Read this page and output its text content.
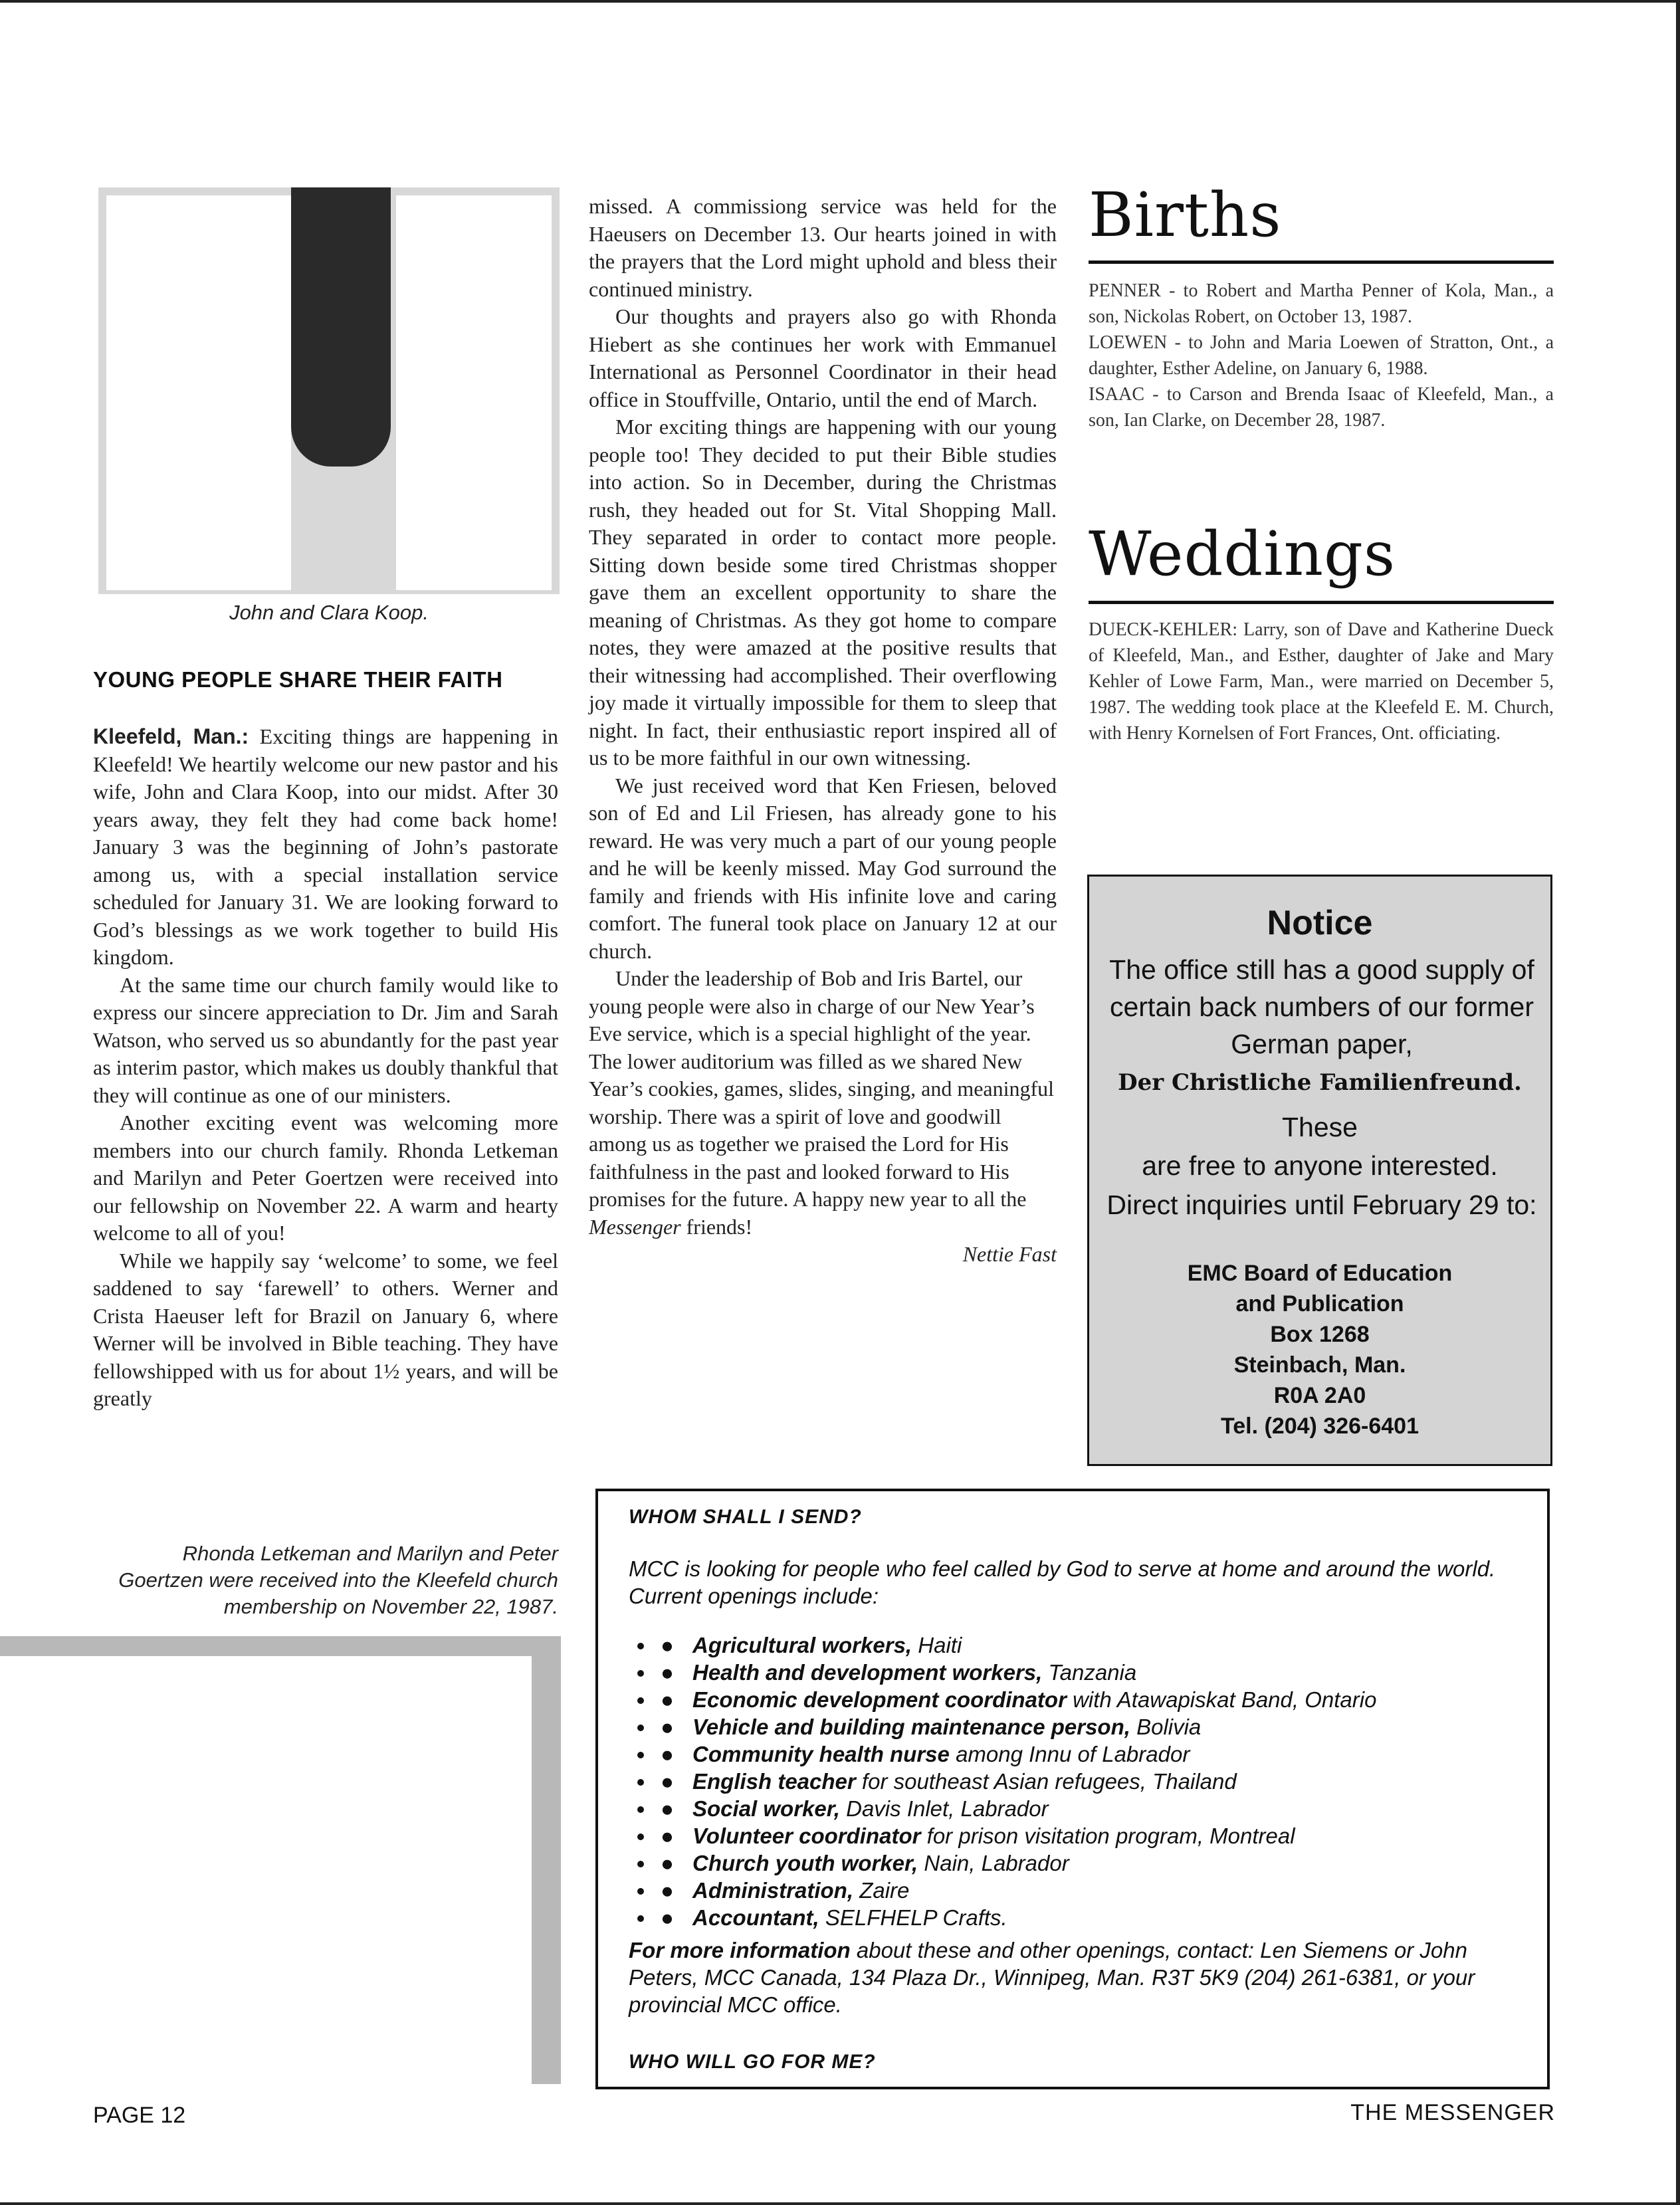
John and Clara Koop.
YOUNG PEOPLE SHARE THEIR FAITH

Kleefeld, Man.: Exciting things are happening in Kleefeld! We heartily welcome our new pastor and his wife, John and Clara Koop, into our midst. After 30 years away, they felt they had come back home! January 3 was the beginning of John’s pastorate among us, with a special installation service scheduled for January 31. We are looking forward to God’s blessings as we work together to build His kingdom.

At the same time our church family would like to express our sincere appreciation to Dr. Jim and Sarah Watson, who served us so abundantly for the past year as interim pastor, which makes us doubly thankful that they will continue as one of our ministers.

Another exciting event was welcoming more members into our church family. Rhonda Letkeman and Marilyn and Peter Goertzen were received into our fellowship on November 22. A warm and hearty welcome to all of you!

While we happily say ‘welcome’ to some, we feel saddened to say ‘farewell’ to others. Werner and Crista Haeuser left for Brazil on January 6, where Werner will be involved in Bible teaching. They have fellowshipped with us for about 1½ years, and will be greatly

Rhonda Letkeman and Marilyn and Peter Goertzen were received into the Kleefeld church membership on November 22, 1987.

missed. A commissiong service was held for the Haeusers on December 13. Our hearts joined in with the prayers that the Lord might uphold and bless their continued ministry.

Our thoughts and prayers also go with Rhonda Hiebert as she continues her work with Emmanuel International as Personnel Coordinator in their head office in Stouffville, Ontario, until the end of March.

Mor exciting things are happening with our young people too! They decided to put their Bible studies into action. So in December, during the Christmas rush, they headed out for St. Vital Shopping Mall. They separated in order to contact more people. Sitting down beside some tired Christmas shopper gave them an excellent opportunity to share the meaning of Christmas. As they got home to compare notes, they were amazed at the positive results that their witnessing had accomplished. Their overflowing joy made it virtually impossible for them to sleep that night. In fact, their enthusiastic report inspired all of us to be more faithful in our own witnessing.

We just received word that Ken Friesen, beloved son of Ed and Lil Friesen, has already gone to his reward. He was very much a part of our young people and he will be keenly missed. May God surround the family and friends with His infinite love and caring comfort. The funeral took place on January 12 at our church.

Under the leadership of Bob and Iris Bartel, our young people were also in charge of our New Year’s Eve service, which is a special highlight of the year. The lower auditorium was filled as we shared New Year’s cookies, games, slides, singing, and meaningful worship. There was a spirit of love and goodwill among us as together we praised the Lord for His faithfulness in the past and looked forward to His promises for the future. A happy new year to all the Messenger friends!

Nettie Fast
Births

PENNER - to Robert and Martha Penner of Kola, Man., a son, Nickolas Robert, on October 13, 1987.

LOEWEN - to John and Maria Loewen of Stratton, Ont., a daughter, Esther Adeline, on January 6, 1988.

ISAAC - to Carson and Brenda Isaac of Kleefeld, Man., a son, Ian Clarke, on December 28, 1987.

Weddings
DUECK-KEHLER: Larry, son of Dave and Katherine Dueck of Kleefeld, Man., and Esther, daughter of Jake and Mary Kehler of Lowe Farm, Man., were married on December 5, 1987. The wedding took place at the Kleefeld E. M. Church, with Henry Kornelsen of Fort Frances, Ont. officiating.
Notice
The office still has a good supply of certain back numbers of our former German paper,
Der Christliche Familienfreund.
These
are free to anyone interested.
Direct inquiries until February 29 to:
EMC Board of Education
and Publication
Box 1268
Steinbach, Man.
R0A 2A0
Tel. (204) 326-6401
WHOM SHALL I SEND?
MCC is looking for people who feel called by God to serve at home and around the world. Current openings include:
• ● Agricultural workers, Haiti
• ● Health and development workers, Tanzania
• ● Economic development coordinator with Atawapiskat Band, Ontario
• ● Vehicle and building maintenance person, Bolivia
• ● Community health nurse among Innu of Labrador
• ● English teacher for southeast Asian refugees, Thailand
• ● Social worker, Davis Inlet, Labrador
• ● Volunteer coordinator for prison visitation program, Montreal
• ● Church youth worker, Nain, Labrador
• ● Administration, Zaire
• ● Accountant, SELFHELP Crafts.
For more information about these and other openings, contact: Len Siemens or John Peters, MCC Canada, 134 Plaza Dr., Winnipeg, Man. R3T 5K9 (204) 261-6381, or your provincial MCC office.
WHO WILL GO FOR ME?
PAGE 12	THE MESSENGER
